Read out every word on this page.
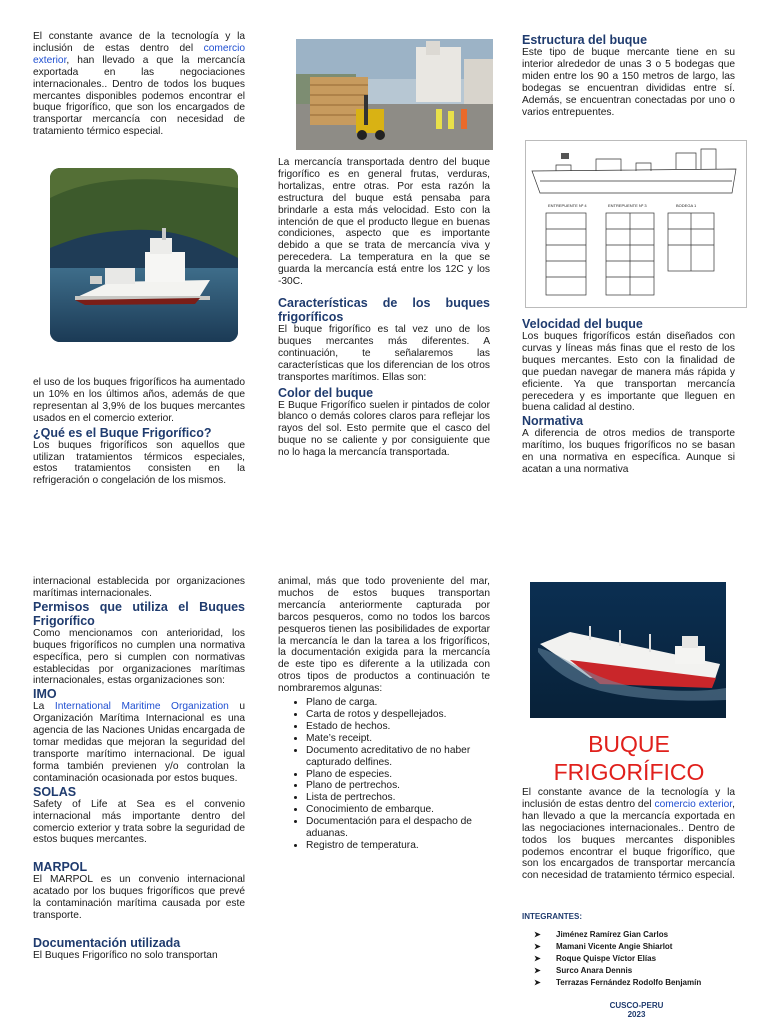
El constante avance de la tecnología y la inclusión de estas dentro del comercio exterior, han llevado a que la mercancía exportada en las negociaciones internacionales.. Dentro de todos los buques mercantes disponibles podemos encontrar el buque frigorífico, que son los encargados de transportar mercancía con necesidad de tratamiento térmico especial.

el uso de los buques frigoríficos ha aumentado un 10% en los últimos años, además de que representan al 3,9% de los buques mercantes usados en el comercio exterior.

¿Qué es el Buque Frigorífico?

Los buques frigoríficos son aquellos que utilizan tratamientos térmicos especiales, estos tratamientos consisten en la refrigeración o congelación de los mismos.

La mercancía transportada dentro del buque frigorífico es en general frutas, verduras, hortalizas, entre otras. Por esta razón la estructura del buque está pensaba para brindarle a esta más velocidad. Esto con la intención de que el producto llegue en buenas condiciones, aspecto que es importante debido a que se trata de mercancía viva y perecedera. La temperatura en la que se guarda la mercancía está entre los 12C y los -30C.

Características de los buques frigoríficos

El buque frigorífico es tal vez uno de los buques mercantes más diferentes. A continuación, te señalaremos las características que los diferencian de los otros transportes marítimos. Ellas son:

Color del buque

E Buque Frigorífico suelen ir pintados de color blanco o demás colores claros para reflejar los rayos del sol. Esto permite que el casco del buque no se caliente y por consiguiente que no lo haga la mercancía transportada.

Estructura del buque

Este tipo de buque mercante tiene en su interior alrededor de unas 3 o 5 bodegas que miden entre los 90 a 150 metros de largo, las bodegas se encuentran divididas entre sí. Además, se encuentran conectadas por uno o varios entrepuentes.

ENTREPUENTE Nº 4	ENTREPUENTE Nº 3	BODEGA 1

Velocidad del buque

Los buques frigoríficos están diseñados con curvas y líneas más finas que el resto de los buques mercantes. Esto con la finalidad de que puedan navegar de manera más rápida y eficiente. Ya que transportan mercancía perecedera y es importante que lleguen en buena calidad al destino.

Normativa

A diferencia de otros medios de transporte marítimo, los buques frigoríficos no se basan en una normativa en específica. Aunque si acatan a una normativa

internacional establecida por organizaciones marítimas internacionales.

Permisos que utiliza el Buques Frigorífico

Como mencionamos con anterioridad, los buques frigoríficos no cumplen una normativa específica, pero si cumplen con normativas establecidas por organizaciones marítimas internacionales, estas organizaciones son:

IMO

La International Maritime Organization u Organización Marítima Internacional es una agencia de las Naciones Unidas encargada de tomar medidas que mejoran la seguridad del transporte marítimo internacional. De igual forma también previenen y/o controlan la contaminación ocasionada por estos buques.

SOLAS

Safety of Life at Sea es el convenio internacional más importante dentro del comercio exterior y trata sobre la seguridad de estos buques mercantes.

MARPOL

El MARPOL es un convenio internacional acatado por los buques frigoríficos que prevé la contaminación marítima causada por este transporte.

Documentación utilizada

El Buques Frigorífico no solo transportan

animal, más que todo proveniente del mar, muchos de estos buques transportan mercancía anteriormente capturada por barcos pesqueros, como no todos los barcos pesqueros tienen las posibilidades de exportar la mercancía le dan la tarea a los frigoríficos, la documentación exigida para la mercancía de este tipo es diferente a la utilizada con otros tipos de productos a continuación te nombraremos algunas:

• Plano de carga.
• Carta de rotos y despellejados.
• Estado de hechos.
• Mate’s receipt.
• Documento acreditativo de no haber capturado delfines.
• Plano de especies.
• Plano de pertrechos.
• Lista de pertrechos.
• Conocimiento de embarque.
• Documentación para el despacho de aduanas.
• Registro de temperatura.
BUQUE
FRIGORÍFICO

El constante avance de la tecnología y la inclusión de estas dentro del comercio exterior, han llevado a que la mercancía exportada en las negociaciones internacionales.. Dentro de todos los buques mercantes disponibles podemos encontrar el buque frigorífico, que son los encargados de transportar mercancía con necesidad de tratamiento térmico especial.

INTEGRANTES:
➤ Jiménez Ramírez Gian Carlos
➤ Mamani Vicente Angie Shiarlot
➤ Roque Quispe Víctor Elías
➤ Surco Anara Dennis
➤ Terrazas Fernández Rodolfo Benjamín
CUSCO-PERU
2023
